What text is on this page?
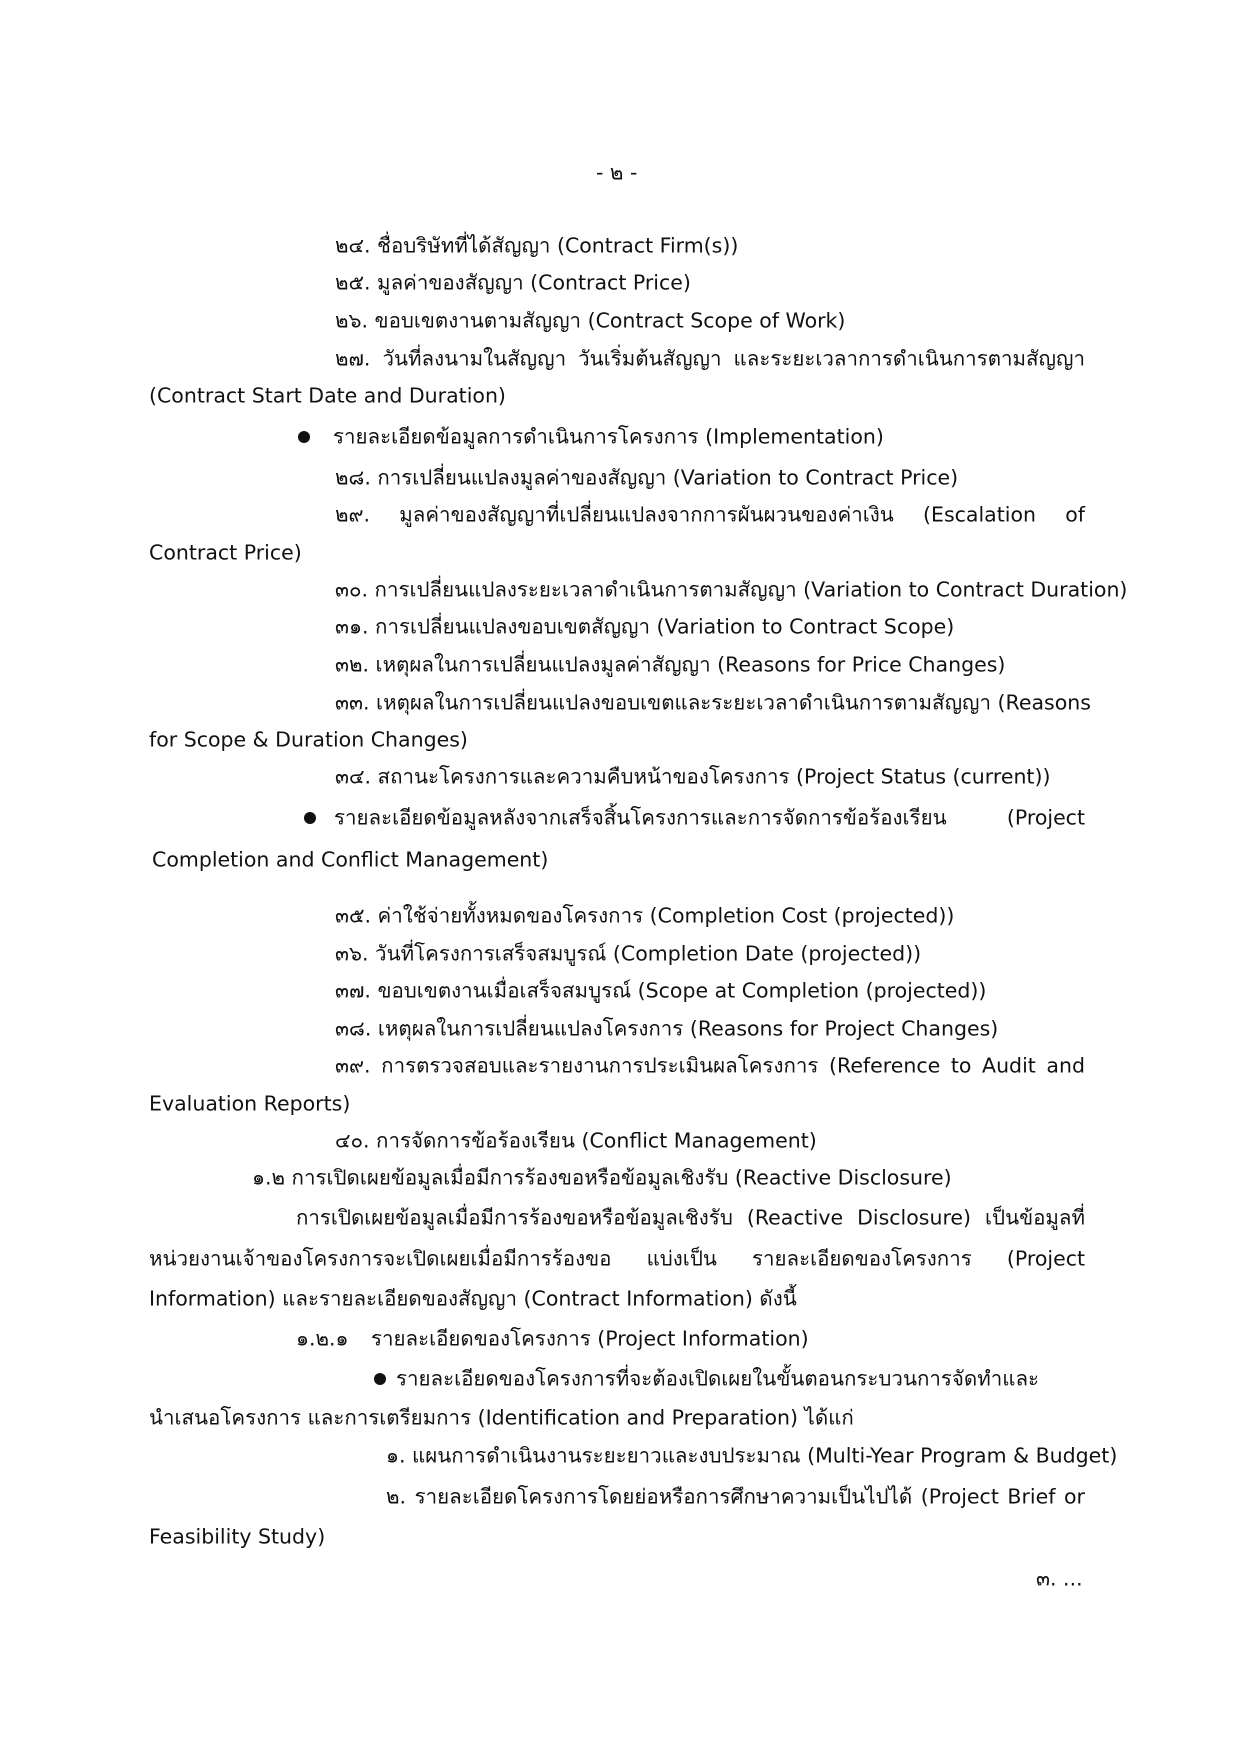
- ๒ -
๒๔. ชื่อบริษัทที่ได้สัญญา (Contract Firm(s))
๒๕. มูลค่าของสัญญา (Contract Price)
๒๖. ขอบเขตงานตามสัญญา (Contract Scope of Work)
๒๗. วันที่ลงนามในสัญญา วันเริ่มต้นสัญญา และระยะเวลาการดำเนินการตามสัญญา
(Contract Start Date and Duration)
รายละเอียดข้อมูลการดำเนินการโครงการ (Implementation)
๒๘. การเปลี่ยนแปลงมูลค่าของสัญญา (Variation to Contract Price)
๒๙. มูลค่าของสัญญาที่เปลี่ยนแปลงจากการผันผวนของค่าเงิน (Escalation of
Contract Price)
๓๐. การเปลี่ยนแปลงระยะเวลาดำเนินการตามสัญญา (Variation to Contract Duration)
๓๑. การเปลี่ยนแปลงขอบเขตสัญญา (Variation to Contract Scope)
๓๒. เหตุผลในการเปลี่ยนแปลงมูลค่าสัญญา (Reasons for Price Changes)
๓๓. เหตุผลในการเปลี่ยนแปลงขอบเขตและระยะเวลาดำเนินการตามสัญญา (Reasons
for Scope & Duration Changes)
๓๔. สถานะโครงการและความคืบหน้าของโครงการ (Project Status (current))
รายละเอียดข้อมูลหลังจากเสร็จสิ้นโครงการและการจัดการข้อร้องเรียน (Project
Completion and Conflict Management)
๓๕. ค่าใช้จ่ายทั้งหมดของโครงการ (Completion Cost (projected))
๓๖. วันที่โครงการเสร็จสมบูรณ์ (Completion Date (projected))
๓๗. ขอบเขตงานเมื่อเสร็จสมบูรณ์ (Scope at Completion (projected))
๓๘. เหตุผลในการเปลี่ยนแปลงโครงการ (Reasons for Project Changes)
๓๙. การตรวจสอบและรายงานการประเมินผลโครงการ (Reference to Audit and
Evaluation Reports)
๔๐. การจัดการข้อร้องเรียน (Conflict Management)
๑.๒ การเปิดเผยข้อมูลเมื่อมีการร้องขอหรือข้อมูลเชิงรับ (Reactive Disclosure)
การเปิดเผยข้อมูลเมื่อมีการร้องขอหรือข้อมูลเชิงรับ (Reactive Disclosure) เป็นข้อมูลที่
หน่วยงานเจ้าของโครงการจะเปิดเผยเมื่อมีการร้องขอ แบ่งเป็น รายละเอียดของโครงการ (Project
Information) และรายละเอียดของสัญญา (Contract Information) ดังนี้
๑.๒.๑ รายละเอียดของโครงการ (Project Information)
รายละเอียดของโครงการที่จะต้องเปิดเผยในขั้นตอนกระบวนการจัดทำและ
นำเสนอโครงการ และการเตรียมการ (Identification and Preparation) ได้แก่
๑. แผนการดำเนินงานระยะยาวและงบประมาณ (Multi-Year Program & Budget)
๒. รายละเอียดโครงการโดยย่อหรือการศึกษาความเป็นไปได้ (Project Brief or
Feasibility Study)
๓. ...
